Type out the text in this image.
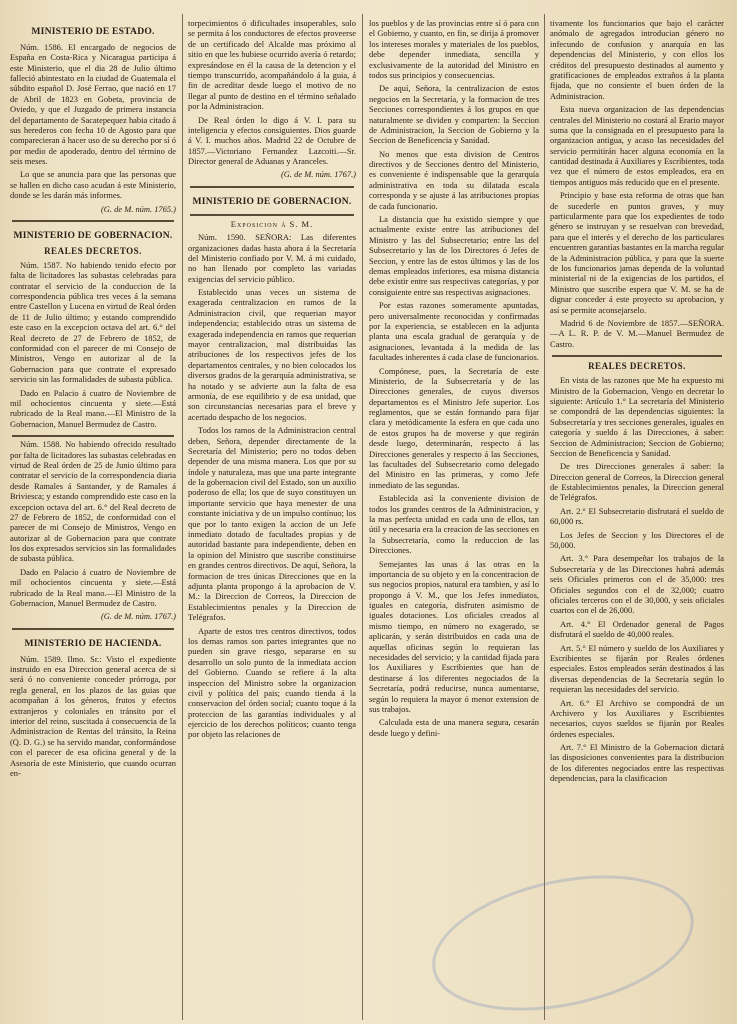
MINISTERIO DE ESTADO.

Núm. 1586. El encargado de negocios de España en Costa-Rica y Nicaragua participa á este Ministerio, que el dia 28 de Julio último falleció abintestato en la ciudad de Guatemala el súbdito español D. José Ferrao, que nació en 17 de Abril de 1823 en Gobeta, provincia de Oviedo, y que el Juzgado de primera instancia del departamento de Sacatepequez habia citado á sus herederos con fecha 10 de Agosto para que comparecieran á hacer uso de su derecho por sí ó por medio de apoderado, dentro del término de seis meses.

Lo que se anuncia para que las personas que se hallen en dicho caso acudan á este Ministerio, donde se les darán más informes.

(G. de M. núm. 1765.)

MINISTERIO DE GOBERNACION.
REALES DECRETOS.

Núm. 1587. No habiendo tenido efecto por falta de licitadores las subastas celebradas para contratar el servicio de la conduccion de la correspondencia pública tres veces á la semana entre Castellon y Lucena en virtud de Real órden de 11 de Julio último; y estando comprendido este caso en la excepcion octava del art. 6.° del Real decreto de 27 de Febrero de 1852, de conformidad con el parecer de mi Consejo de Ministros, Vengo en autorizar al de la Gobernacion para que contrate el expresado servicio sin las formalidades de subasta pública.

Dado en Palacio á cuatro de Noviembre de mil ochocientos cincuenta y siete.—Está rubricado de la Real mano.—El Ministro de la Gobernacion, Manuel Bermudez de Castro.

Núm. 1588. No habiendo ofrecido resultado por falta de licitadores las subastas celebradas en virtud de Real órden de 25 de Junio último para contratar el servicio de la correspondencia diaria desde Ramales á Santander, y de Ramales á Briviesca; y estando comprendido este caso en la excepcion octava del art. 6.° del Real decreto de 27 de Febrero de 1852, de conformidad con el parecer de mi Consejo de Ministros, Vengo en autorizar al de Gobernacion para que contrate los dos expresados servicios sin las formalidades de subasta pública.

Dado en Palacio á cuatro de Noviembre de mil ochocientos cincuenta y siete.—Está rubricado de la Real mano.—El Ministro de la Gobernacion, Manuel Bermudez de Castro.

(G. de M. núm. 1767.)

MINISTERIO DE HACIENDA.

Núm. 1589. Ilmo. Sr.: Visto el expediente instruido en esa Direccion general acerca de si será ó no conveniente conceder prórroga, por regla general, en los plazos de las guias que acompañan á los géneros, frutos y efectos extranjeros y coloniales en tránsito por el interior del reino, suscitada á consecuencia de la Administracion de Rentas del tránsito, la Reina (Q. D. G.) se ha servido mandar, conformándose con el parecer de esa oficina general y de la Asesoría de este Ministerio, que cuando ocurran en-

torpecimientos ó dificultades insuperables, solo se permita á los conductores de efectos proveerse de un certificado del Alcalde mas próximo al sitio en que les hubiese ocurrido avería ó retardo; expresándose en él la causa de la detencion y el tiempo transcurrido, acompañándolo á la guia, á fin de acreditar desde luego el motivo de no llegar al punto de destino en el término señalado por la Administracion.

De Real órden lo digo á V. I. para su inteligencia y efectos consiguientes. Dios guarde á V. I. muchos años. Madrid 22 de Octubre de 1857.—Victoriano Fernandez Lazcoiti.—Sr. Director general de Aduanas y Aranceles.

(G. de M. núm. 1767.)

MINISTERIO DE GOBERNACION.
Exposicion á S. M.

Núm. 1590. SEÑORA: Las diferentes organizaciones dadas hasta ahora á la Secretaría del Ministerio confiado por V. M. á mi cuidado, no han llenado por completo las variadas exigencias del servicio público.

Establecido unas veces un sistema de exagerada centralizacion en ramos de la Administracion civil, que requerian mayor independencia; establecido otras un sistema de exagerada independencia en ramos que requerian mayor centralizacion, mal distribuidas las atribuciones de los respectivos jefes de los departamentos centrales, y no bien colocados los diversos grados de la gerarquía administrativa, se ha notado y se advierte aun la falta de esa armonía, de ese equilibrio y de esa unidad, que son circunstancias necesarias para el breve y acertado despacho de los negocios.

Todos los ramos de la Administracion central deben, Señora, depender directamente de la Secretaría del Ministerio; pero no todos deben depender de una misma manera. Los que por su índole y naturaleza, mas que una parte integrante de la gobernacion civil del Estado, son un auxilio poderoso de ella; los que de suyo constituyen un importante servicio que haya menester de una constante iniciativa y de un impulso contínuo; los que por lo tanto exigen la accion de un Jefe inmediato dotado de facultades propias y de autoridad bastante para independiente, deben en la opinion del Ministro que suscribe constituirse en grandes centros directivos. De aquí, Señora, la formacion de tres únicas Direcciones que en la adjunta planta propongo á la aprobacion de V. M.: la Direccion de Correos, la Direccion de Establecimientos penales y la Direccion de Telégrafos.

Aparte de estos tres centros directivos, todos los demas ramos son partes integrantes que no pueden sin grave riesgo, separarse en su desarrollo un solo punto de la inmediata accion del Gobierno. Cuando se refiere á la alta inspeccion del Ministro sobre la organizacion civil y política del pais; cuando tienda á la conservacion del órden social; cuanto toque á la proteccion de las garantías individuales y al ejercicio de los derechos políticos; cuanto tenga por objeto las relaciones de

los pueblos y de las provincias entre sí ó para con el Gobierno, y cuanto, en fin, se dirija á promover los intereses morales y materiales de los pueblos, debe depender inmediata, sencilla y exclusivamente de la autoridad del Ministro en todos sus principios y consecuencias.

De aquí, Señora, la centralizacion de estos negocios en la Secretaría, y la formacion de tres Secciones correspondientes á los grupos en que naturalmente se dividen y comparten: la Seccion de Administracion, la Seccion de Gobierno y la Seccion de Beneficencia y Sanidad.

No menos que esta division de Centros directivos y de Secciones dentro del Ministerio, es conveniente é indispensable que la gerarquía administrativa en toda su dilatada escala corresponda y se ajuste á las atribuciones propias de cada funcionario.

La distancia que ha existido siempre y que actualmente existe entre las atribuciones del Ministro y las del Subsecretario; entre las del Subsecretario y las de los Directores ó Jefes de Seccion, y entre las de estos últimos y las de los demas empleados inferiores, esa misma distancia debe existir entre sus respectivas categorías, y por consiguiente entre sus respectivas asignaciones.

Por estas razones someramente apuntadas, pero universalmente reconocidas y confirmadas por la experiencia, se establecen en la adjunta planta una escala gradual de gerarquía y de asignaciones, levantada á la medida de las facultades inherentes á cada clase de funcionarios.

Compónese, pues, la Secretaría de este Ministerio, de la Subsecretaría y de las Direcciones generales, de cuyos diversos departamentos es el Ministro Jefe superior. Los reglamentos, que se están formando para fijar clara y metódicamente la esfera en que cada uno de estos grupos ha de moverse y que regirán desde luego, determinarán, respecto á las Direcciones generales y respecto á las Secciones, las facultades del Subsecretario como delegado del Ministro en las primeras, y como Jefe inmediato de las segundas.

Establecida así la conveniente division de todos los grandes centros de la Administracion, y la mas perfecta unidad en cada uno de ellos, tan útil y necesaria era la creacion de las secciones en la Subsecretaría, como la reduccion de las Direcciones.

Semejantes las unas á las otras en la importancia de su objeto y en la concentracion de sus negocios propios, natural era tambien, y así lo propongo á V. M., que los Jefes inmediatos, iguales en categoría, disfruten asimismo de iguales dotaciones. Los oficiales creados al mismo tiempo, en número no exagerado, se aplicarán, y serán distribuidos en cada una de aquellas oficinas según lo requieran las necesidades del servicio; y la cantidad fijada para los Auxiliares y Escribientes que han de destinarse á los diferentes negociados de la Secretaría, podrá reducirse, nunca aumentarse, según lo requiera la mayor ó menor extension de sus trabajos.

Calculada esta de una manera segura, cesarán desde luego y defini-

tivamente los funcionarios que bajo el carácter anómalo de agregados introducian género no infecundo de confusion y anarquía en las dependencias del Ministerio, y con ellos los créditos del presupuesto destinados al aumento y gratificaciones de empleados extraños á la planta fijada, que no consiente el buen órden de la Administracion.

Esta nueva organizacion de las dependencias centrales del Ministerio no costará al Erario mayor suma que la consignada en el presupuesto para la organizacion antigua, y acaso las necesidades del servicio permitirán hacer alguna economía en la cantidad destinada á Auxiliares y Escribientes, toda vez que el número de estos empleados, era en tiempos antiguos más reducido que en el presente.

Principio y base esta reforma de otras que han de sucederle en puntos graves, y muy particularmente para que los expedientes de todo género se instruyan y se resuelvan con brevedad, para que el interés y el derecho de los particulares encuentren garantías bastantes en la marcha regular de la Administracion pública, y para que la suerte de los funcionarios jamas dependa de la voluntad ministerial ni de la exigencias de los partidos, el Ministro que suscribe espera que V. M. se ha de dignar conceder á este proyecto su aprobacion, y así se permite aconsejarselo.

Madrid 6 de Noviembre de 1857.—SEÑORA.—A L. R. P. de V. M.—Manuel Bermudez de Castro.

REALES DECRETOS.

En vista de las razones que Me ha expuesto mi Ministro de la Gobernacion, Vengo en decretar lo siguiente: Artículo 1.° La secretaría del Ministerio se compondrá de las dependencias siguientes: la Subsecretaría y tres secciones generales, iguales en categoría y sueldo á las Direcciones, á saber: Seccion de Administracion; Seccion de Gobierno; Seccion de Beneficencia y Sanidad.

De tres Direcciones generales á saber: la Direccion general de Correos, la Direccion general de Establecimientos penales, la Direccion general de Telégrafos.

Art. 2.° El Subsecretario disfrutará el sueldo de 60,000 rs.

Los Jefes de Seccion y los Directores el de 50,000.

Art. 3.° Para desempeñar los trabajos de la Subsecretaría y de las Direcciones habrá además seis Oficiales primeros con el de 35,000: tres Oficiales segundos con el de 32,000; cuatro oficiales terceros con el de 30,000, y seis oficiales cuartos con el de 26,000.

Art. 4.° El Ordenador general de Pagos disfrutará el sueldo de 40,000 reales.

Art. 5.° El número y sueldo de los Auxiliares y Escribientes se fijarán por Reales órdenes especiales. Estos empleados serán destinados á las diversas dependencias de la Secretaría según lo requieran las necesidades del servicio.

Art. 6.° El Archivo se compondrá de un Archivero y los Auxiliares y Escribientes necesarios, cuyos sueldos se fijarán por Reales órdenes especiales.

Art. 7.° El Ministro de la Gobernacion dictará las disposiciones convenientes para la distribucion de los diferentes negociados entre las respectivas dependencias, para la clasificacion
